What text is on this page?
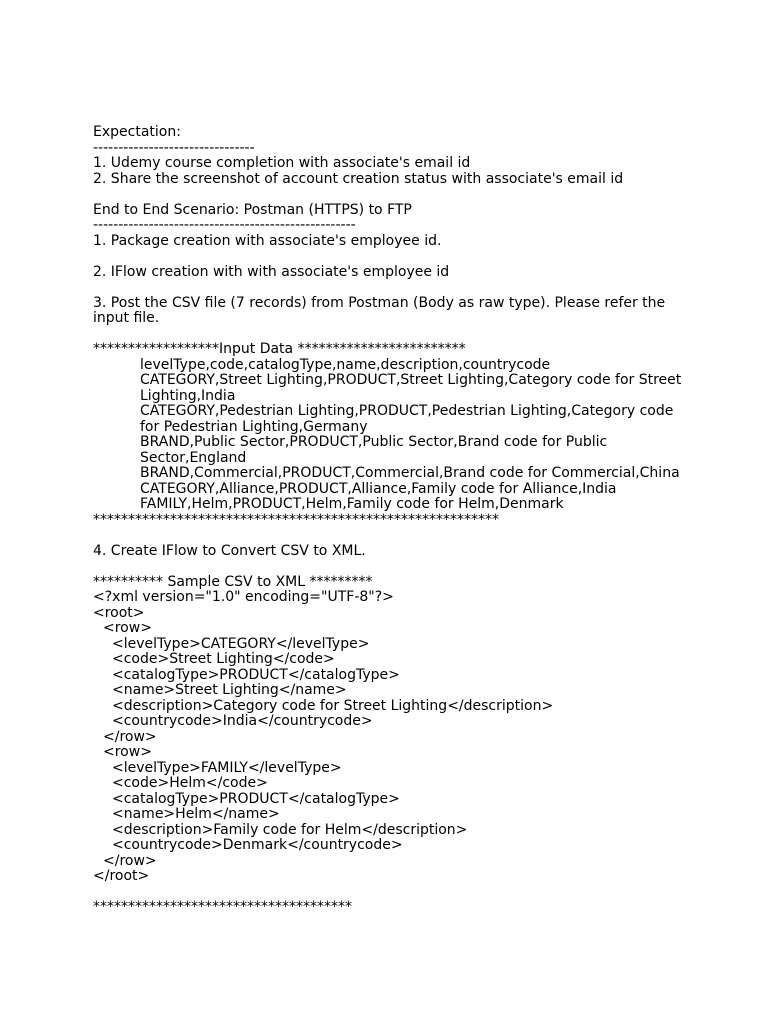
Expectation:
--------------------------------
1. Udemy course completion with associate's email id
2. Share the screenshot of account creation status with associate's email id
End to End Scenario: Postman (HTTPS) to FTP
----------------------------------------------------
1. Package creation with associate's employee id.
2. IFlow creation with with associate's employee id
3. Post the CSV file (7 records) from Postman (Body as raw type). Please refer the input file.
******************Input Data ************************
levelType,code,catalogType,name,description,countrycode
CATEGORY,Street Lighting,PRODUCT,Street Lighting,Category code for Street Lighting,India
CATEGORY,Pedestrian Lighting,PRODUCT,Pedestrian Lighting,Category code for Pedestrian Lighting,Germany
BRAND,Public Sector,PRODUCT,Public Sector,Brand code for Public Sector,England
BRAND,Commercial,PRODUCT,Commercial,Brand code for Commercial,China
CATEGORY,Alliance,PRODUCT,Alliance,Family code for Alliance,India
FAMILY,Helm,PRODUCT,Helm,Family code for Helm,Denmark
**********************************************************
4. Create IFlow to Convert CSV to XML.
********** Sample CSV to XML *********
<?xml version="1.0" encoding="UTF-8"?>
<root>
<row>
<levelType>CATEGORY</levelType>
<code>Street Lighting</code>
<catalogType>PRODUCT</catalogType>
<name>Street Lighting</name>
<description>Category code for Street Lighting</description>
<countrycode>India</countrycode>
</row>
<row>
<levelType>FAMILY</levelType>
<code>Helm</code>
<catalogType>PRODUCT</catalogType>
<name>Helm</name>
<description>Family code for Helm</description>
<countrycode>Denmark</countrycode>
</row>
</root>
*************************************
